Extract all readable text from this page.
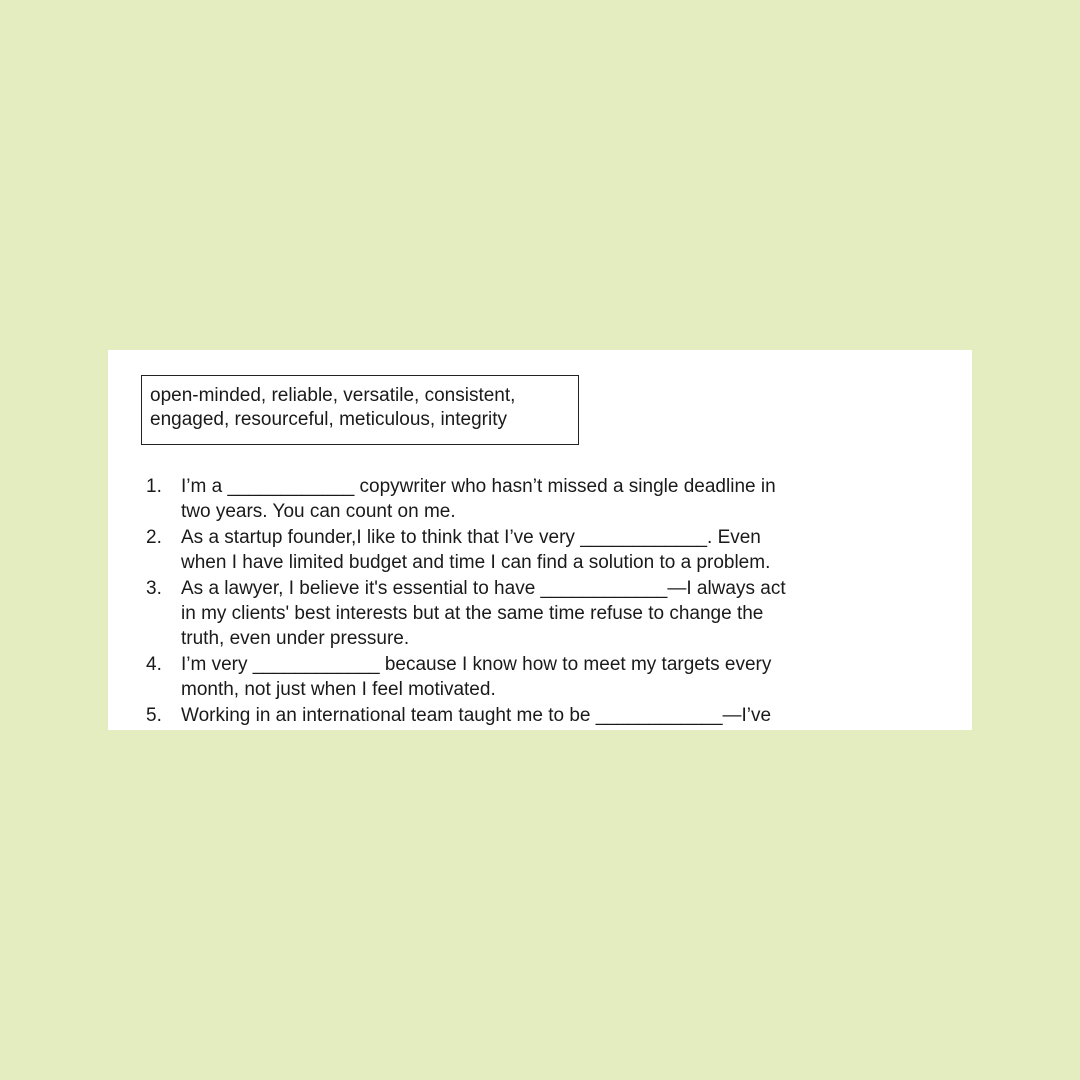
open-minded, reliable, versatile, consistent,
engaged, resourceful, meticulous, integrity
1. I’m a ____________ copywriter who hasn’t missed a single deadline in
two years. You can count on me.
2. As a startup founder,I like to think that I’ve very ____________. Even
when I have limited budget and time I can find a solution to a problem.
3. As a lawyer, I believe it's essential to have ____________—I always act
in my clients' best interests but at the same time refuse to change the
truth, even under pressure.
4. I’m very ____________ because I know how to meet my targets every
month, not just when I feel motivated.
5. Working in an international team taught me to be ____________—I’ve
